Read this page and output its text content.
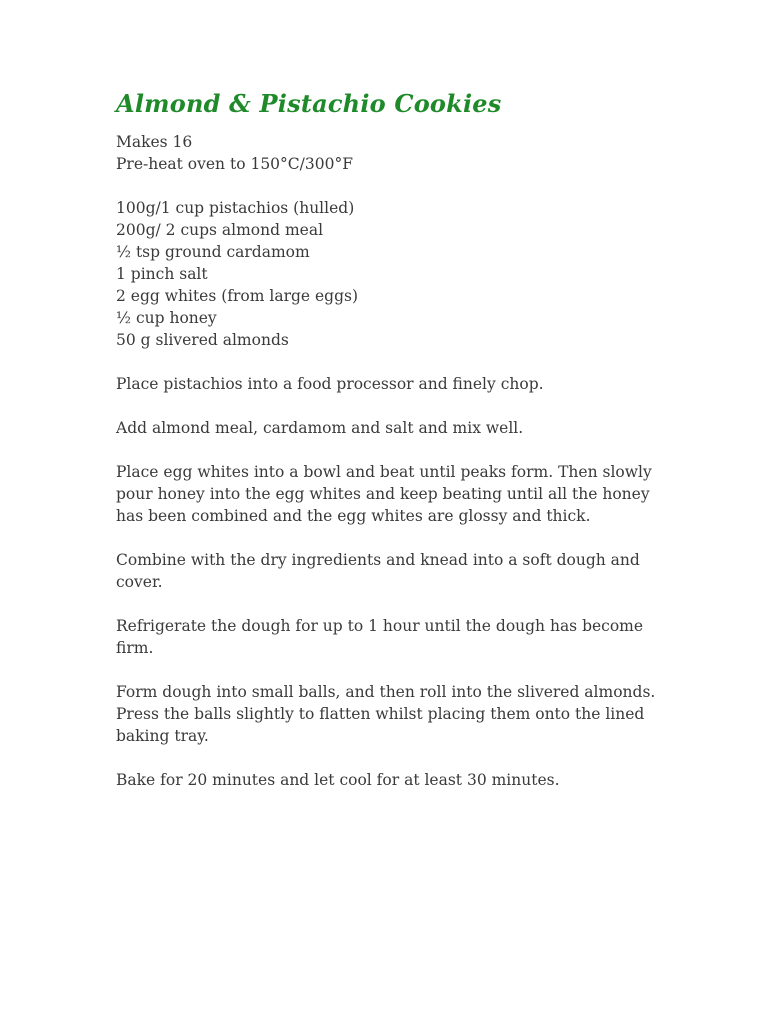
Almond & Pistachio Cookies

Makes 16

Pre-heat oven to 150°C/300°F

100g/1 cup pistachios (hulled)
200g/ 2 cups almond meal
½ tsp ground cardamom
1 pinch salt
2 egg whites (from large eggs)
½ cup honey
50 g slivered almonds

Place pistachios into a food processor and finely chop.

Add almond meal, cardamom and salt and mix well.

Place egg whites into a bowl and beat until peaks form. Then slowly pour honey into the egg whites and keep beating until all the honey has been combined and the egg whites are glossy and thick.

Combine with the dry ingredients and knead into a soft dough and cover.

Refrigerate the dough for up to 1 hour until the dough has become firm.

Form dough into small balls, and then roll into the slivered almonds. Press the balls slightly to flatten whilst placing them onto the lined baking tray.

Bake for 20 minutes and let cool for at least 30 minutes.
